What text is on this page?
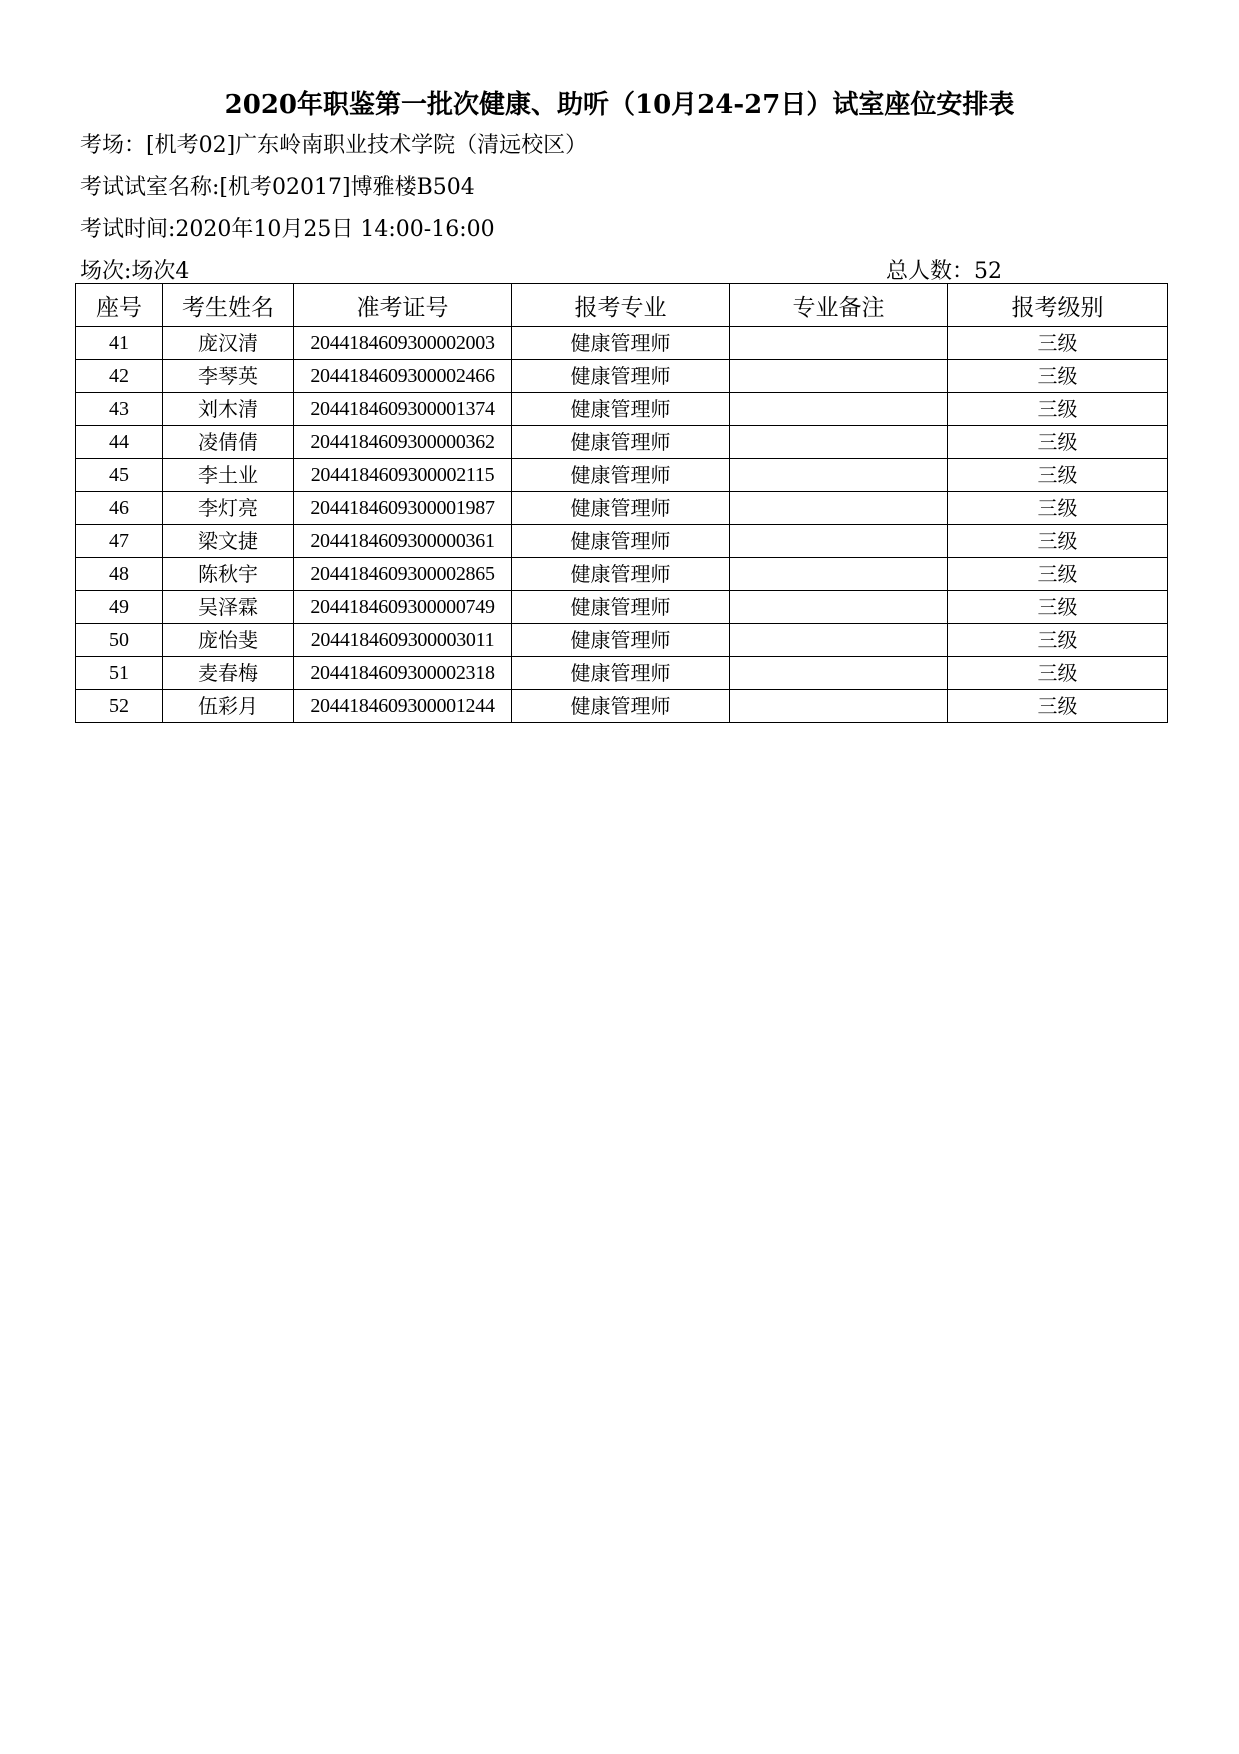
2020年职鉴第一批次健康、助听（10月24-27日）试室座位安排表
考场：[机考02]广东岭南职业技术学院（清远校区）
考试试室名称:[机考02017]博雅楼B504
考试时间:2020年10月25日 14:00-16:00
场次:场次4	总人数：52
座号	考生姓名	准考证号	报考专业	专业备注	报考级别
41	庞汉清	2044184609300002003	健康管理师		三级
42	李琴英	2044184609300002466	健康管理师		三级
43	刘木清	2044184609300001374	健康管理师		三级
44	凌倩倩	2044184609300000362	健康管理师		三级
45	李土业	2044184609300002115	健康管理师		三级
46	李灯亮	2044184609300001987	健康管理师		三级
47	梁文捷	2044184609300000361	健康管理师		三级
48	陈秋宇	2044184609300002865	健康管理师		三级
49	吴泽霖	2044184609300000749	健康管理师		三级
50	庞怡斐	2044184609300003011	健康管理师		三级
51	麦春梅	2044184609300002318	健康管理师		三级
52	伍彩月	2044184609300001244	健康管理师		三级
